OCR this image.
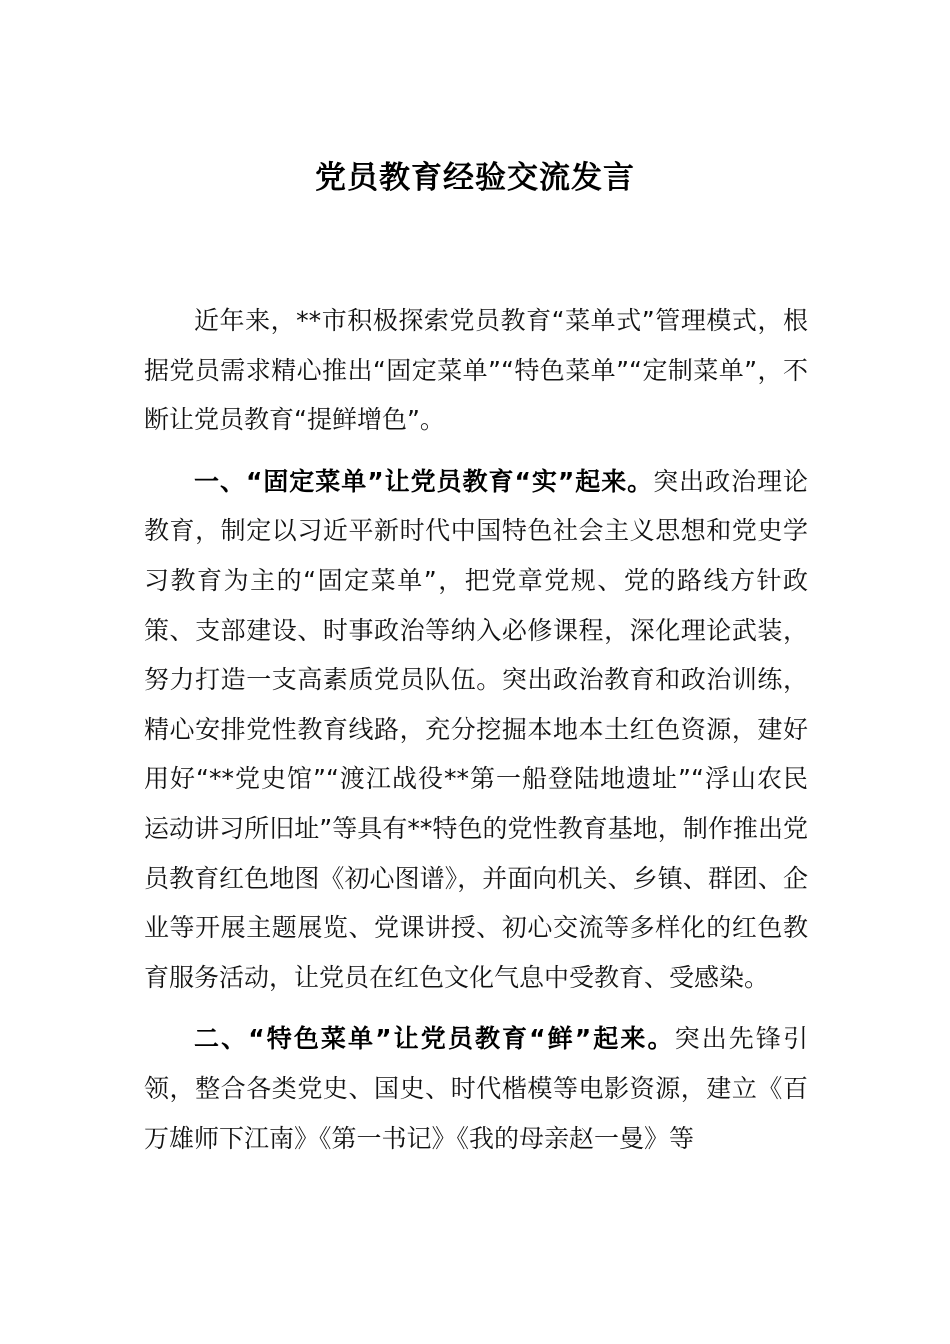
党员教育经验交流发言

近年来，**市积极探索党员教育“菜单式”管理模式，根据党员需求精心推出“固定菜单”“特色菜单”“定制菜单”，不断让党员教育“提鲜增色”。

一、“固定菜单”让党员教育“实”起来。突出政治理论教育，制定以习近平新时代中国特色社会主义思想和党史学习教育为主的“固定菜单”，把党章党规、党的路线方针政策、支部建设、时事政治等纳入必修课程，深化理论武装，努力打造一支高素质党员队伍。突出政治教育和政治训练，精心安排党性教育线路，充分挖掘本地本土红色资源，建好用好“**党史馆”“渡江战役**第一船登陆地遗址”“浮山农民运动讲习所旧址”等具有**特色的党性教育基地，制作推出党员教育红色地图《初心图谱》，并面向机关、乡镇、群团、企业等开展主题展览、党课讲授、初心交流等多样化的红色教育服务活动，让党员在红色文化气息中受教育、受感染。

二、“特色菜单”让党员教育“鲜”起来。突出先锋引领，整合各类党史、国史、时代楷模等电影资源，建立《百万雄师下江南》《第一书记》《我的母亲赵一曼》等
